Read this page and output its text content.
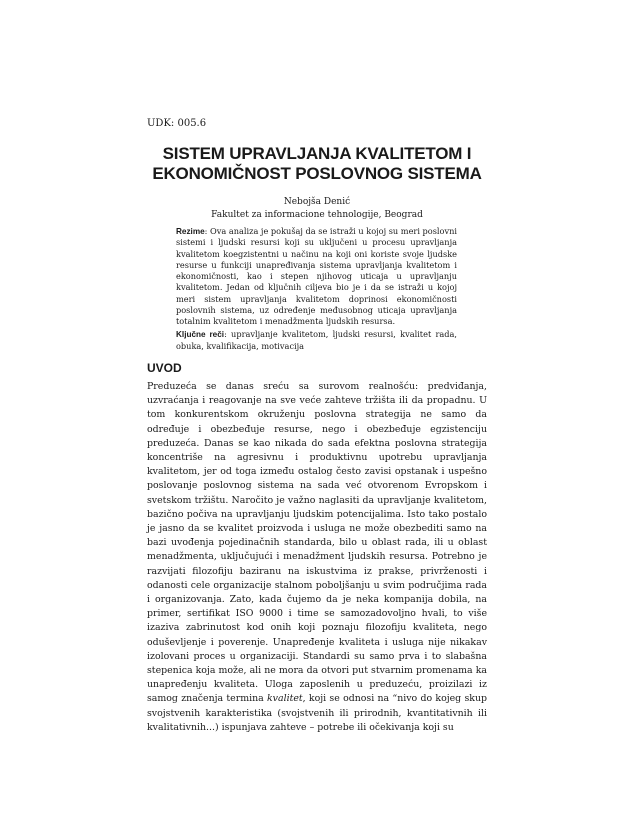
UDK: 005.6
SISTEM UPRAVLJANJA KVALITETOM I
EKONOMIČNOST POSLOVNOG SISTEMA
Nebojša Denić
Fakultet za informacione tehnologije, Beograd
Rezime: Ova analiza je pokušaj da se istraži u kojoj su meri poslovni sistemi i ljudski resursi koji su uključeni u procesu upravljanja kvalitetom koegzistentni u načinu na koji oni koriste svoje ljudske resurse u funkciji unapređivanja sistema upravljanja kvalitetom i ekonomičnosti, kao i stepen njihovog uticaja u upravljanju kvalitetom. Jedan od ključnih ciljeva bio je i da se istraži u kojoj meri sistem upravljanja kvalitetom doprinosi ekonomičnosti poslovnih sistema, uz određenje međusobnog uticaja upravljanja totalnim kvalitetom i menadžmenta ljudskih resursa.
Ključne reči: upravljanje kvalitetom, ljudski resursi, kvalitet rada, obuka, kvalifikacija, motivacija
UVOD
Preduzeća se danas sreću sa surovom realnošću: predviđanja, uzvraćanja i reagovanje na sve veće zahteve tržišta ili da propadnu. U tom konkurentskom okruženju poslovna strategija ne samo da određuje i obezbeđuje resurse, nego i obezbeđuje egzistenciju preduzeća. Danas se kao nikada do sada efektna poslovna strategija koncentriše na agresivnu i produktivnu upotrebu upravljanja kvalitetom, jer od toga između ostalog često zavisi opstanak i uspešno poslovanje poslovnog sistema na sada već otvorenom Evropskom i svetskom tržištu. Naročito je važno naglasiti da upravljanje kvalitetom, bazično počiva na upravljanju ljudskim potencijalima. Isto tako postalo je jasno da se kvalitet proizvoda i usluga ne može obezbediti samo na bazi uvođenja pojedinačnih standarda, bilo u oblast rada, ili u oblast menadžmenta, uključujući i menadžment ljudskih resursa. Potrebno je razvijati filozofiju baziranu na iskustvima iz prakse, privrženosti i odanosti cele organizacije stalnom poboljšanju u svim područjima rada i organizovanja. Zato, kada čujemo da je neka kompanija dobila, na primer, sertifikat ISO 9000 i time se samozadovoljno hvali, to više izaziva zabrinutost kod onih koji poznaju filozofiju kvaliteta, nego oduševljenje i poverenje. Unapređenje kvaliteta i usluga nije nikakav izolovani proces u organizaciji. Standardi su samo prva i to slabašna stepenica koja može, ali ne mora da otvori put stvarnim promenama ka unapređenju kvaliteta. Uloga zaposlenih u preduzeću, proizilazi iz samog značenja termina kvalitet, koji se odnosi na “nivo do kojeg skup svojstvenih karakteristika (svojstvenih ili prirodnih, kvantitativnih ili kvalitativnih...) ispunjava zahteve – potrebe ili očekivanja koji su
